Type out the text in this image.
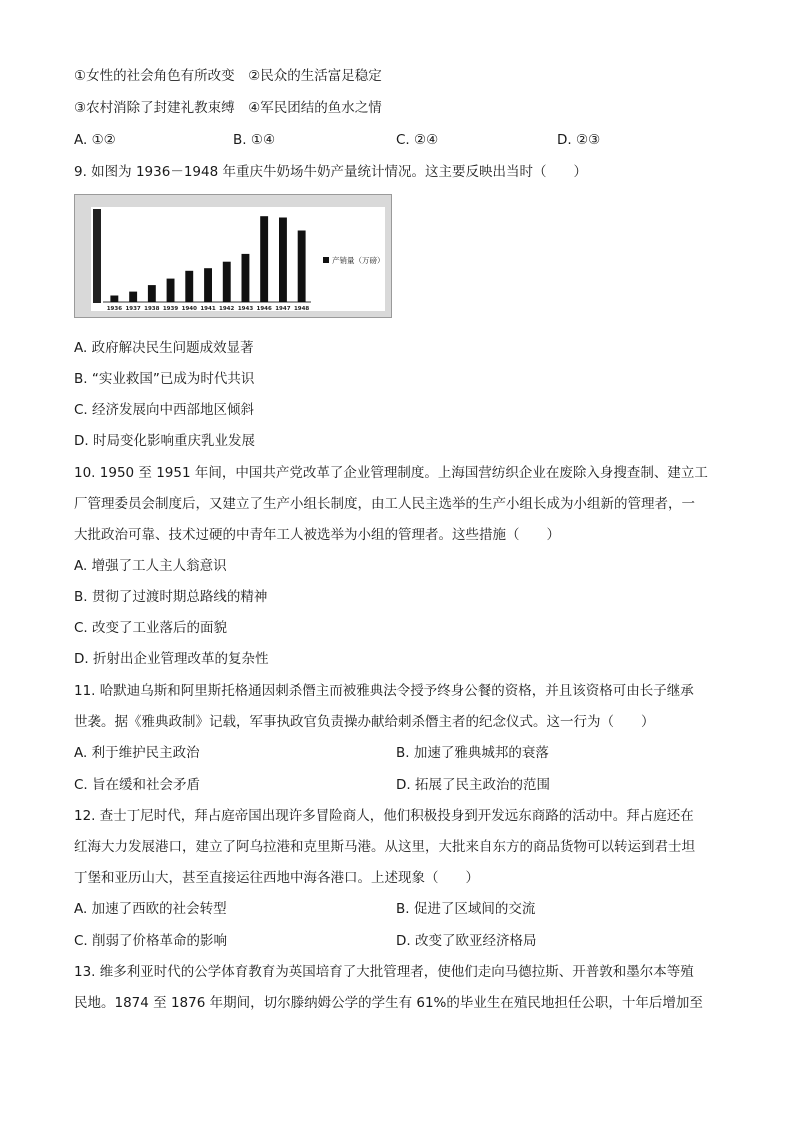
①女性的社会角色有所改变　②民众的生活富足稳定
③农村消除了封建礼教束缚　④军民团结的鱼水之情
A. ①②	B. ①④	C. ②④	D. ②③
9. 如图为 1936－1948 年重庆牛奶场牛奶产量统计情况。这主要反映出当时（　　）
1936 1937 1938 1939 1940 1941 1942 1943 1946 1947 1948
产销量（万磅）
A. 政府解决民生问题成效显著
B. “实业救国”已成为时代共识
C. 经济发展向中西部地区倾斜
D. 时局变化影响重庆乳业发展
10. 1950 至 1951 年间，中国共产党改革了企业管理制度。上海国营纺织企业在废除入身搜查制、建立工
厂管理委员会制度后，又建立了生产小组长制度，由工人民主选举的生产小组长成为小组新的管理者，一
大批政治可靠、技术过硬的中青年工人被选举为小组的管理者。这些措施（　　）
A. 增强了工人主人翁意识
B. 贯彻了过渡时期总路线的精神
C. 改变了工业落后的面貌
D. 折射出企业管理改革的复杂性
11. 哈默迪乌斯和阿里斯托格通因刺杀僭主而被雅典法令授予终身公餐的资格，并且该资格可由长子继承
世袭。据《雅典政制》记载，军事执政官负责操办献给刺杀僭主者的纪念仪式。这一行为（　　）
A. 利于维护民主政治	B. 加速了雅典城邦的衰落
C. 旨在缓和社会矛盾	D. 拓展了民主政治的范围
12. 查士丁尼时代，拜占庭帝国出现许多冒险商人，他们积极投身到开发远东商路的活动中。拜占庭还在
红海大力发展港口，建立了阿乌拉港和克里斯马港。从这里，大批来自东方的商品货物可以转运到君士坦
丁堡和亚历山大，甚至直接运往西地中海各港口。上述现象（　　）
A. 加速了西欧的社会转型	B. 促进了区域间的交流
C. 削弱了价格革命的影响	D. 改变了欧亚经济格局
13. 维多利亚时代的公学体育教育为英国培育了大批管理者，使他们走向马德拉斯、开普敦和墨尔本等殖
民地。1874 至 1876 年期间，切尔滕纳姆公学的学生有 61%的毕业生在殖民地担任公职，十年后增加至
